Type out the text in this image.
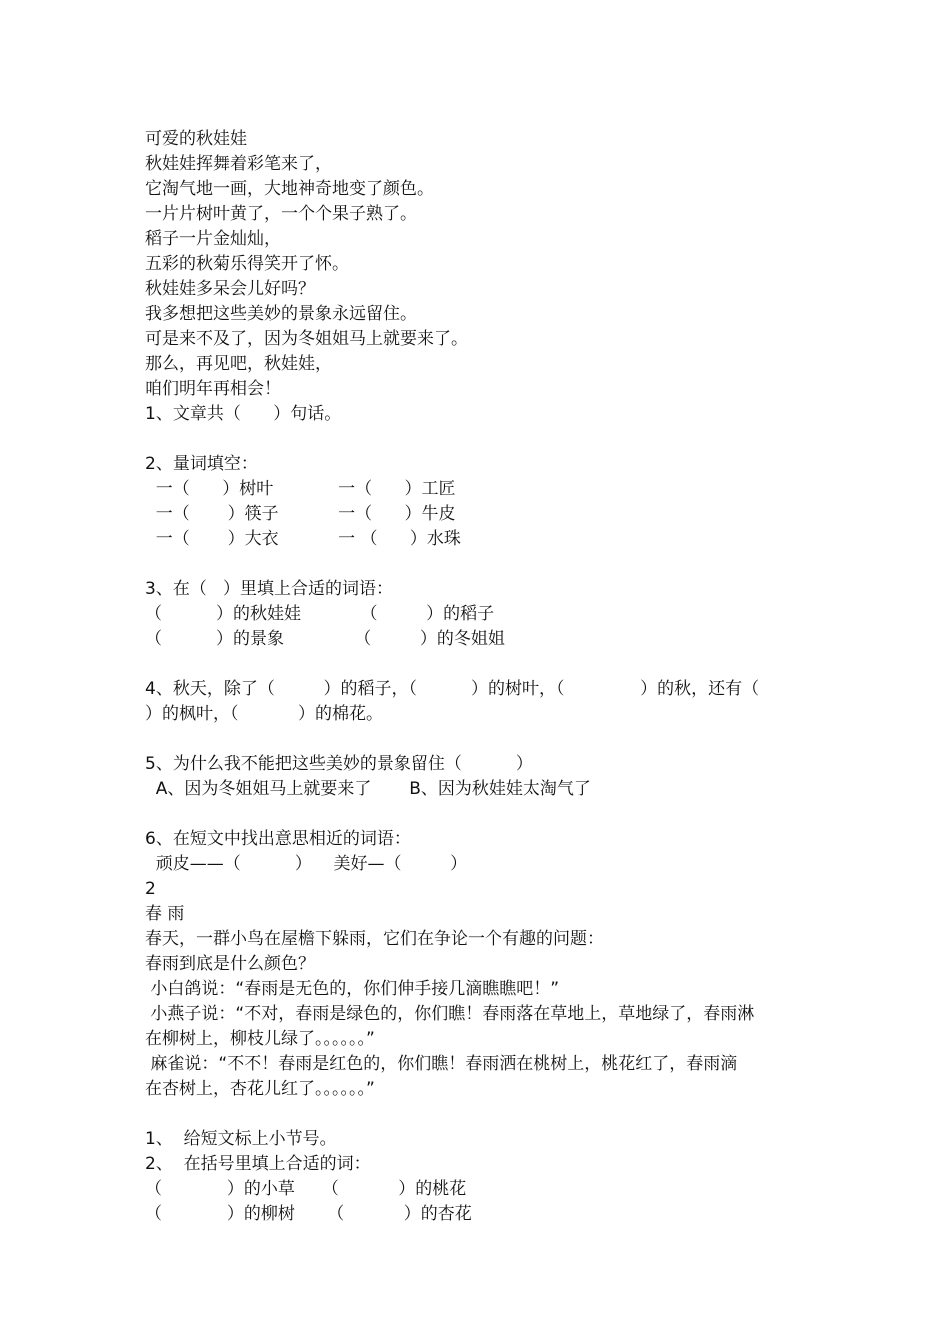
可爱的秋娃娃

秋娃娃挥舞着彩笔来了，

它淘气地一画，大地神奇地变了颜色。

一片片树叶黄了，一个个果子熟了。

稻子一片金灿灿，

五彩的秋菊乐得笑开了怀。

秋娃娃多呆会儿好吗？

我多想把这些美妙的景象永远留住。

可是来不及了，因为冬姐姐马上就要来了。

那么，再见吧，秋娃娃，

咱们明年再相会！

1、文章共（      ）句话。

2、量词填空：

一（      ）树叶            一（      ）工匠

一（       ）筷子           一（      ）牛皮

一（       ）大衣           一 （      ）水珠

3、在（   ）里填上合适的词语：

（          ）的秋娃娃           （         ）的稻子

（          ）的景象             （         ）的冬姐姐

4、秋天，除了（         ）的稻子，（          ）的树叶，（              ）的秋，还有（

）的枫叶，（           ）的棉花。

5、为什么我不能把这些美妙的景象留住（          ）

A、因为冬姐姐马上就要来了       B、因为秋娃娃太淘气了

6、在短文中找出意思相近的词语：

顽皮——（          ）    美好—（         ）

2

春 雨

春天，一群小鸟在屋檐下躲雨，它们在争论一个有趣的问题：

春雨到底是什么颜色？

小白鸽说：“春雨是无色的，你们伸手接几滴瞧瞧吧！”

小燕子说：“不对，春雨是绿色的，你们瞧！春雨落在草地上，草地绿了，春雨淋

在柳树上，柳枝儿绿了。。。。。。”

麻雀说：“不不！春雨是红色的，你们瞧！春雨洒在桃树上，桃花红了，春雨滴

在杏树上，杏花儿红了。。。。。。”

1、  给短文标上小节号。

2、  在括号里填上合适的词：

（            ）的小草     （           ）的桃花

（            ）的柳树      （           ）的杏花
